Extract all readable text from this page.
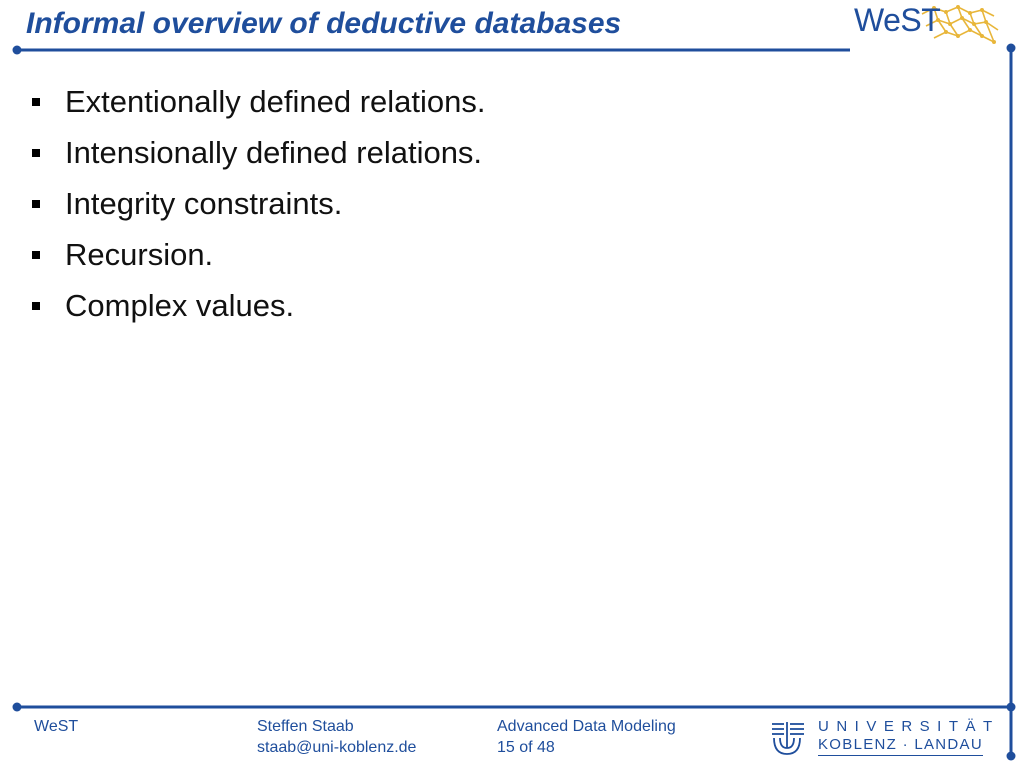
Informal overview of deductive databases	WeST
Extentionally defined relations.
Intensionally defined relations.
Integrity constraints.
Recursion.
Complex values.
WeST	Steffen Staab
staab@uni-koblenz.de
Advanced Data Modeling
15 of 48
UNIVERSITÄT
KOBLENZ · LANDAU
